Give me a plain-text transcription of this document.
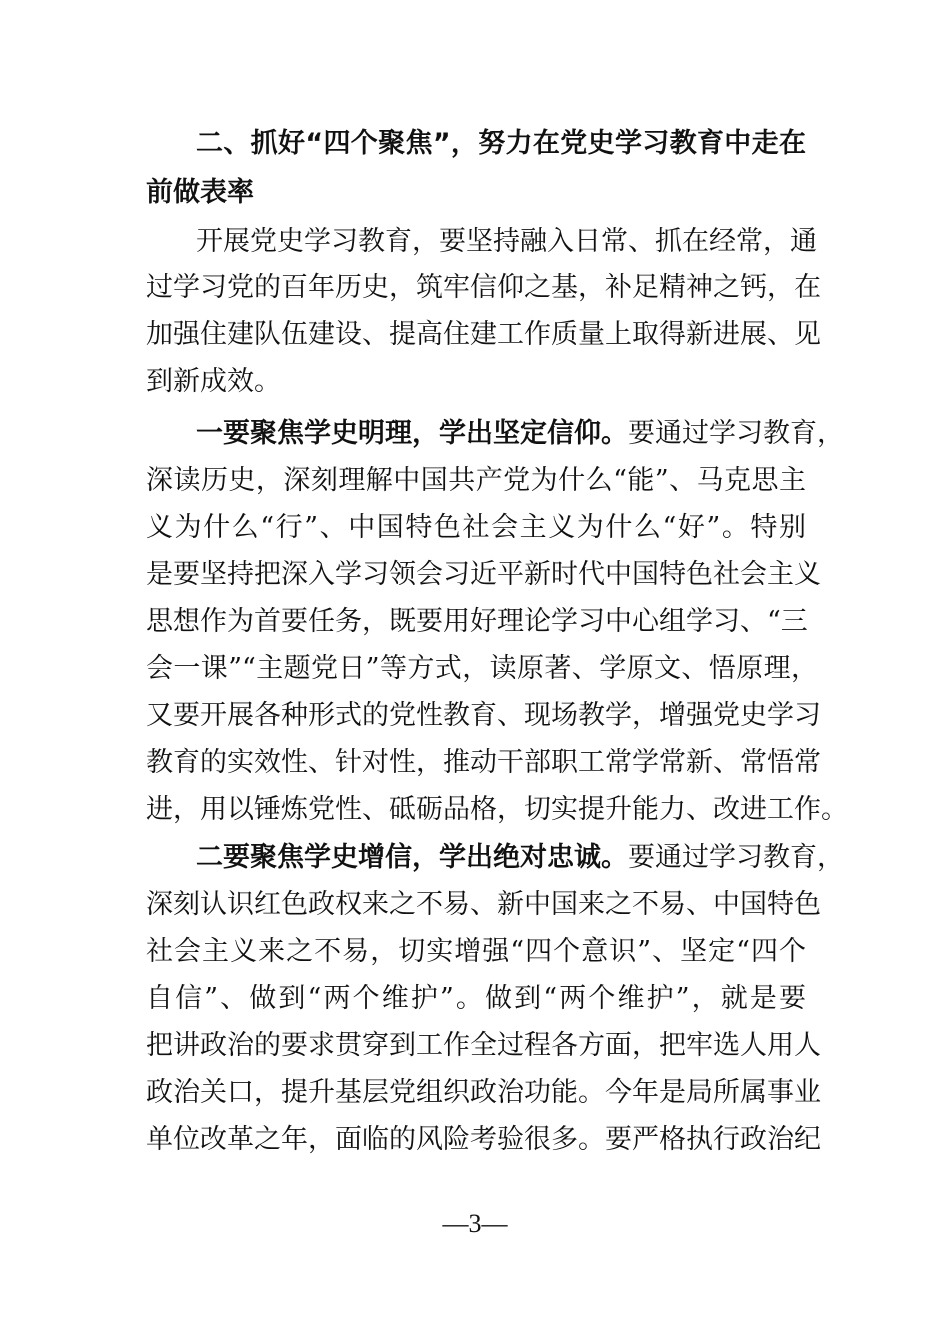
二、抓好“四个聚焦”，努力在党史学习教育中走在
前做表率
开展党史学习教育，要坚持融入日常、抓在经常，通
过学习党的百年历史，筑牢信仰之基，补足精神之钙，在
加强住建队伍建设、提高住建工作质量上取得新进展、见
到新成效。
一要聚焦学史明理，学出坚定信仰。要通过学习教育，
深读历史，深刻理解中国共产党为什么“能”、马克思主
义为什么“行”、中国特色社会主义为什么“好”。特别
是要坚持把深入学习领会习近平新时代中国特色社会主义
思想作为首要任务，既要用好理论学习中心组学习、“三
会一课”“主题党日”等方式，读原著、学原文、悟原理，
又要开展各种形式的党性教育、现场教学，增强党史学习
教育的实效性、针对性，推动干部职工常学常新、常悟常
进，用以锤炼党性、砥砺品格，切实提升能力、改进工作。
二要聚焦学史增信，学出绝对忠诚。要通过学习教育，
深刻认识红色政权来之不易、新中国来之不易、中国特色
社会主义来之不易，切实增强“四个意识”、坚定“四个
自信”、做到“两个维护”。做到“两个维护”，就是要
把讲政治的要求贯穿到工作全过程各方面，把牢选人用人
政治关口，提升基层党组织政治功能。今年是局所属事业
单位改革之年，面临的风险考验很多。要严格执行政治纪
—3—
